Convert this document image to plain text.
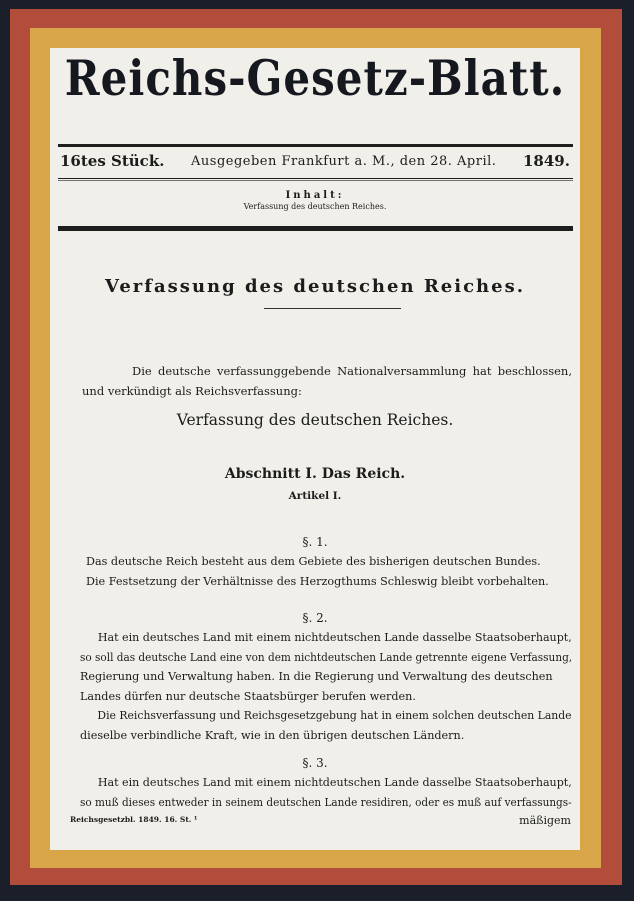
Reichs-Gesetz-Blatt.
16tes Stück. Ausgegeben Frankfurt a. M., den 28. April. 1849.
Inhalt:
Verfassung des deutschen Reiches.
Verfassung des deutschen Reiches.
Die deutsche verfassunggebende Nationalversammlung hat beschlossen, und verkündigt als Reichsverfassung:
Verfassung des deutschen Reiches.
Abschnitt I. Das Reich.
Artikel I.
§. 1.
Das deutsche Reich besteht aus dem Gebiete des bisherigen deutschen Bundes.
Die Festsetzung der Verhältnisse des Herzogthums Schleswig bleibt vorbehalten.
§. 2.
Hat ein deutsches Land mit einem nichtdeutschen Lande dasselbe Staatsoberhaupt,
so soll das deutsche Land eine von dem nichtdeutschen Lande getrennte eigene Verfassung,
Regierung und Verwaltung haben. In die Regierung und Verwaltung des deutschen
Landes dürfen nur deutsche Staatsbürger berufen werden.
Die Reichsverfassung und Reichsgesetzgebung hat in einem solchen deutschen Lande
dieselbe verbindliche Kraft, wie in den übrigen deutschen Ländern.
§. 3.
Hat ein deutsches Land mit einem nichtdeutschen Lande dasselbe Staatsoberhaupt,
so muß dieses entweder in seinem deutschen Lande residiren, oder es muß auf verfassungs-
Reichsgesetzbl. 1849. 16. St. ¹	mäßigem
